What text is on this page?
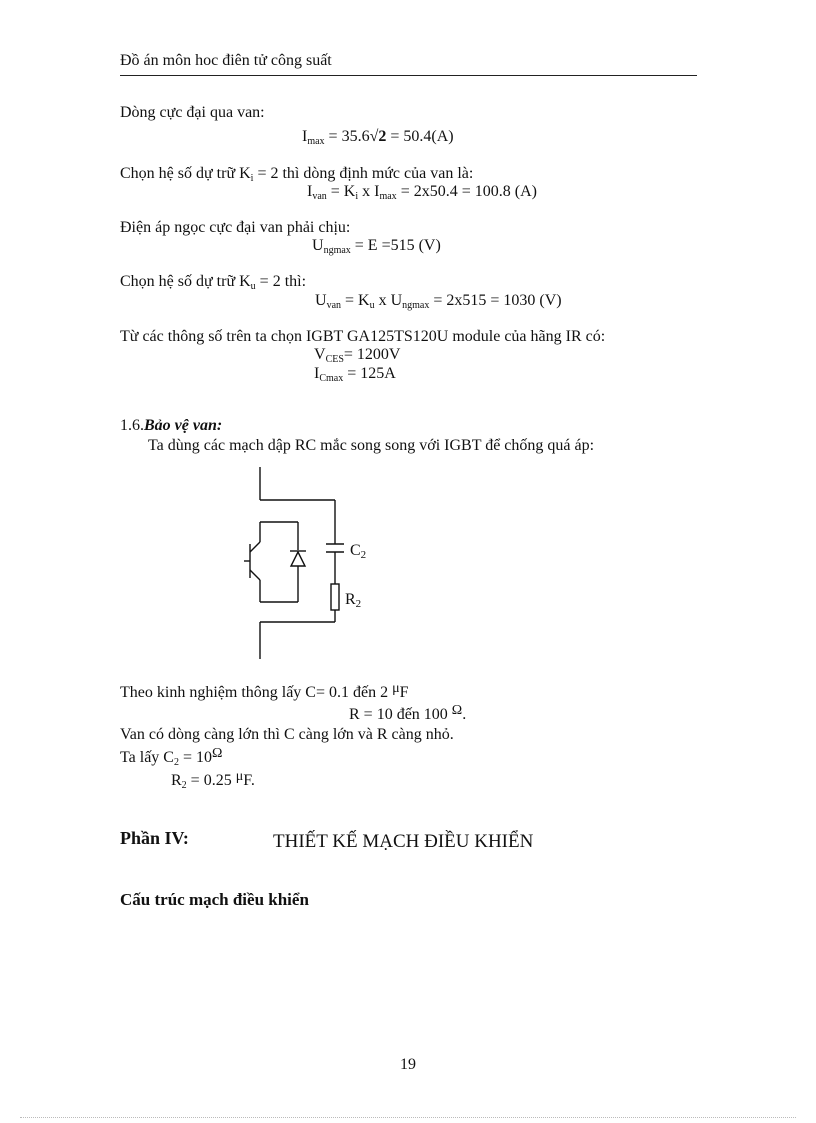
Đồ án môn hoc điên tử công suất
Dòng cực đại qua van:
$I_{max} = 35.6√2 = 50.4(A)$
Chọn hệ số dự trữ $K_i = 2$ thì dòng định mức của van là:
$I_{van} = K_i$ x $I_{max} = 2x50.4 = 100.8$ (A)
Điện áp ngọc cực đại van phải chịu:
$U_{ngmax} = E =515$ (V)
Chọn hệ số dự trữ $K_u = 2$ thì:
$U_{van} = K_u$ x $U_{ngmax} = 2x515 = 1030$ (V)
Từ các thông số trên ta chọn IGBT GA125TS120U module của hãng IR có:
$V_{CES}= 1200V$
$I_{Cmax} = 125A$
1.6.Bảo vệ van:
Ta dùng các mạch dập RC mắc song song với IGBT để chống quá áp:
C2
R2
Theo kinh nghiệm thông lấy C= 0.1 đến 2 μF
R = 10 đến 100 Ω.
Van có dòng càng lớn thì C càng lớn và R càng nhỏ.
Ta lấy $C_2 = 10\Omega$
$R_2 = 0.25$ μF.
Phần IV:	THIẾT KẾ MẠCH ĐIỀU KHIỂN
Cấu trúc mạch điều khiển
19
